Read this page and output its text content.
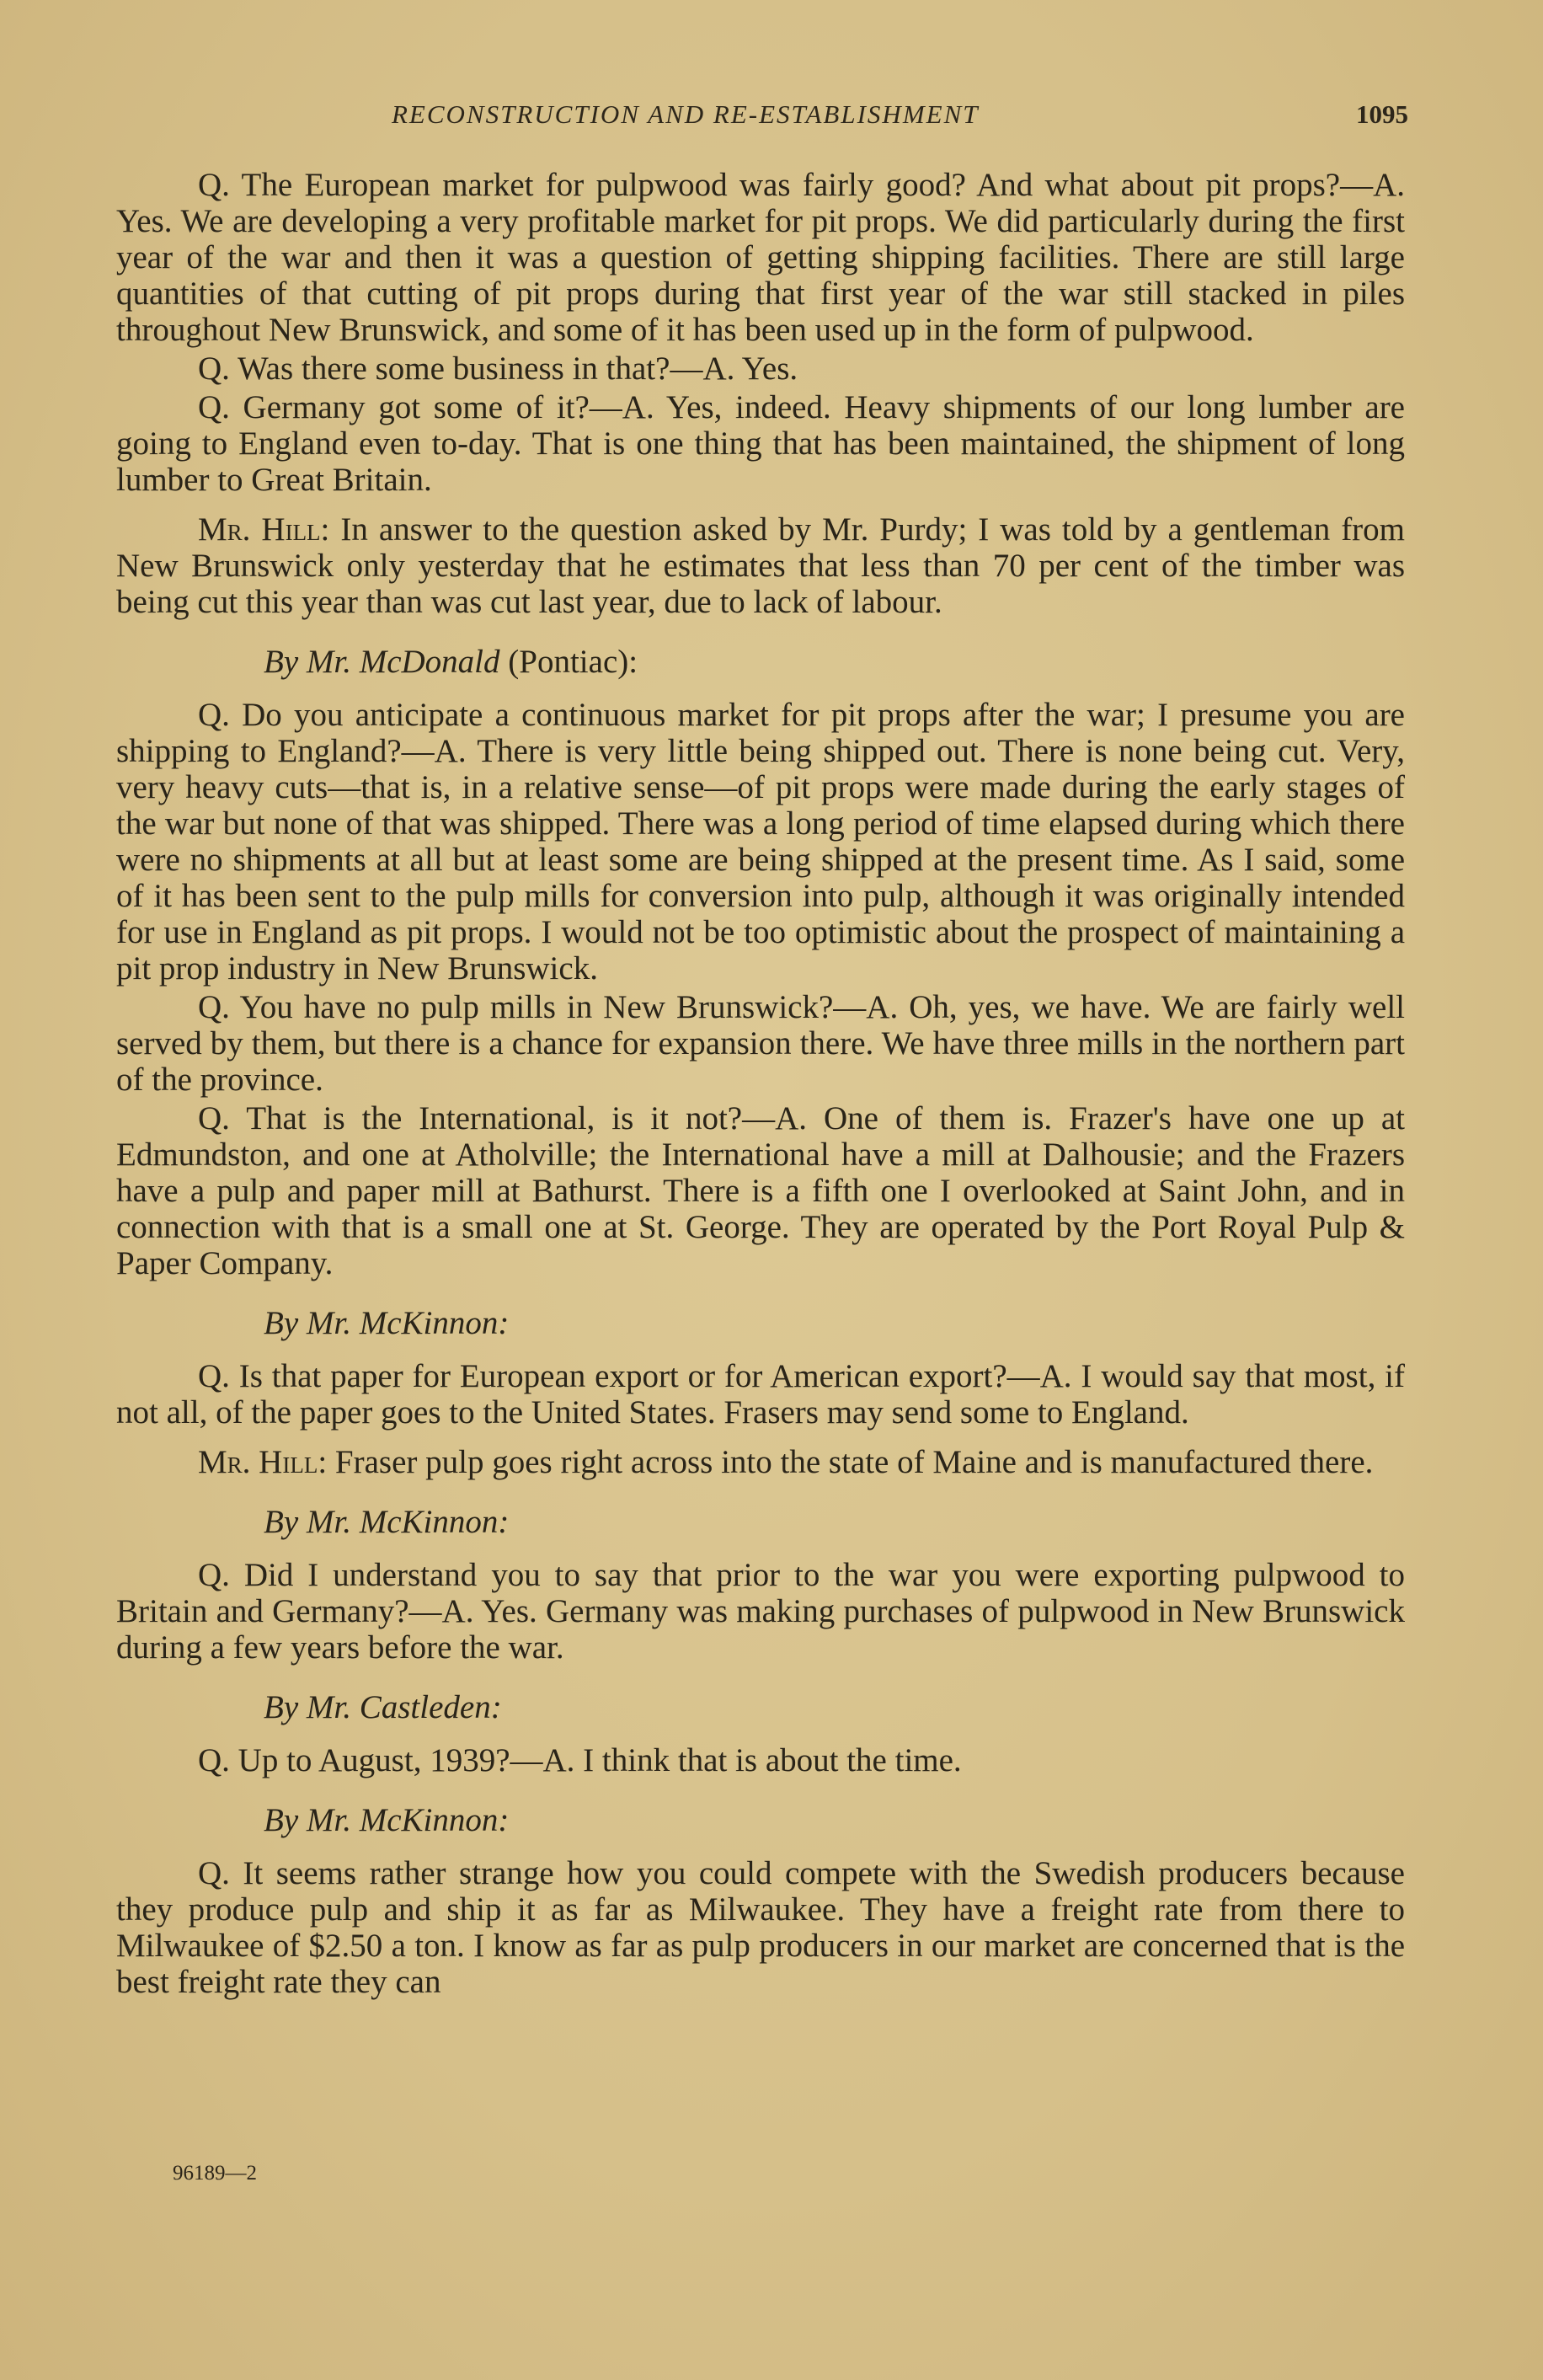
RECONSTRUCTION AND RE-ESTABLISHMENT	1095

Q. The European market for pulpwood was fairly good? And what about pit props?—A. Yes. We are developing a very profitable market for pit props. We did particularly during the first year of the war and then it was a question of getting shipping facilities. There are still large quantities of that cutting of pit props during that first year of the war still stacked in piles throughout New Brunswick, and some of it has been used up in the form of pulpwood.

Q. Was there some business in that?—A. Yes.

Q. Germany got some of it?—A. Yes, indeed. Heavy shipments of our long lumber are going to England even to-day. That is one thing that has been maintained, the shipment of long lumber to Great Britain.

Mr. Hill: In answer to the question asked by Mr. Purdy; I was told by a gentleman from New Brunswick only yesterday that he estimates that less than 70 per cent of the timber was being cut this year than was cut last year, due to lack of labour.

By Mr. McDonald (Pontiac):

Q. Do you anticipate a continuous market for pit props after the war; I presume you are shipping to England?—A. There is very little being shipped out. There is none being cut. Very, very heavy cuts—that is, in a relative sense—of pit props were made during the early stages of the war but none of that was shipped. There was a long period of time elapsed during which there were no shipments at all but at least some are being shipped at the present time. As I said, some of it has been sent to the pulp mills for conversion into pulp, although it was originally intended for use in England as pit props. I would not be too optimistic about the prospect of maintaining a pit prop industry in New Brunswick.

Q. You have no pulp mills in New Brunswick?—A. Oh, yes, we have. We are fairly well served by them, but there is a chance for expansion there. We have three mills in the northern part of the province.

Q. That is the International, is it not?—A. One of them is. Frazer's have one up at Edmundston, and one at Atholville; the International have a mill at Dalhousie; and the Frazers have a pulp and paper mill at Bathurst. There is a fifth one I overlooked at Saint John, and in connection with that is a small one at St. George. They are operated by the Port Royal Pulp & Paper Company.

By Mr. McKinnon:

Q. Is that paper for European export or for American export?—A. I would say that most, if not all, of the paper goes to the United States. Frasers may send some to England.

Mr. Hill: Fraser pulp goes right across into the state of Maine and is manufactured there.

By Mr. McKinnon:

Q. Did I understand you to say that prior to the war you were exporting pulpwood to Britain and Germany?—A. Yes. Germany was making purchases of pulpwood in New Brunswick during a few years before the war.

By Mr. Castleden:

Q. Up to August, 1939?—A. I think that is about the time.

By Mr. McKinnon:

Q. It seems rather strange how you could compete with the Swedish producers because they produce pulp and ship it as far as Milwaukee. They have a freight rate from there to Milwaukee of $2.50 a ton. I know as far as pulp producers in our market are concerned that is the best freight rate they can

96189—2
